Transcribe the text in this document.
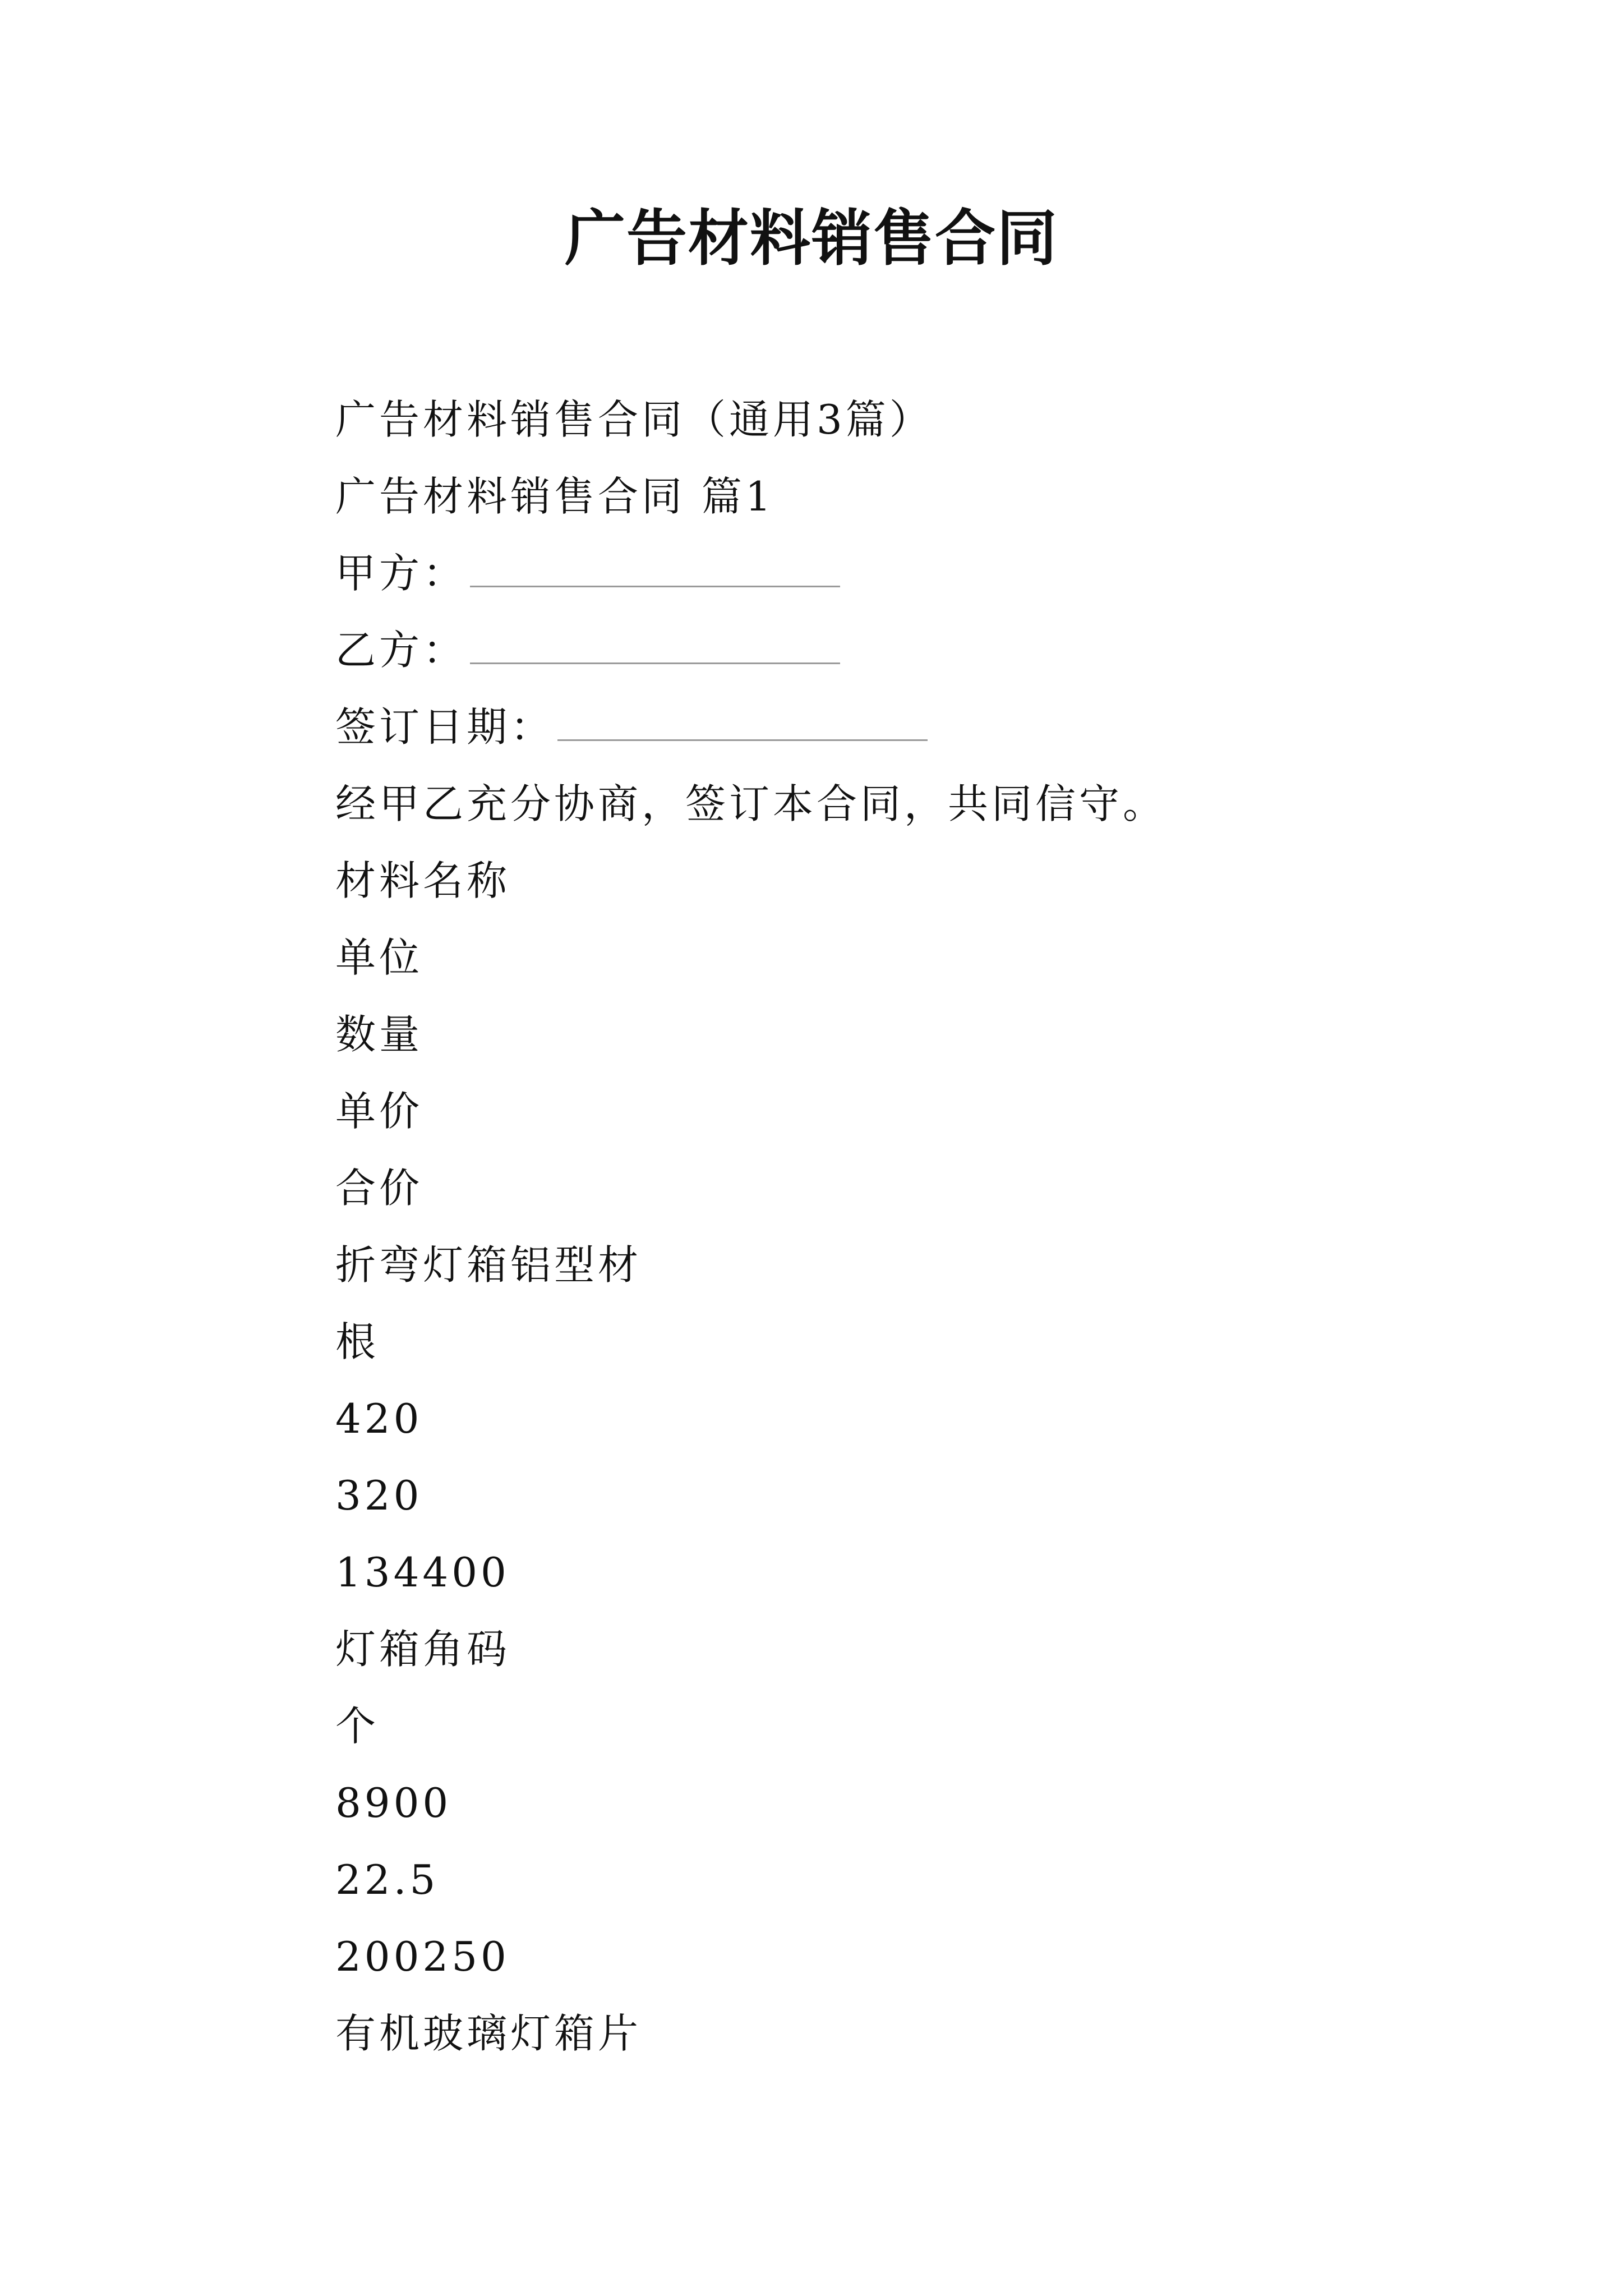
广告材料销售合同
广告材料销售合同（通用3篇）
广告材料销售合同 篇1
甲方：
乙方：
签订日期：
经甲乙充分协商，签订本合同，共同信守。
材料名称
单位
数量
单价
合价
折弯灯箱铝型材
根
420
320
134400
灯箱角码
个
8900
22.5
200250
有机玻璃灯箱片
